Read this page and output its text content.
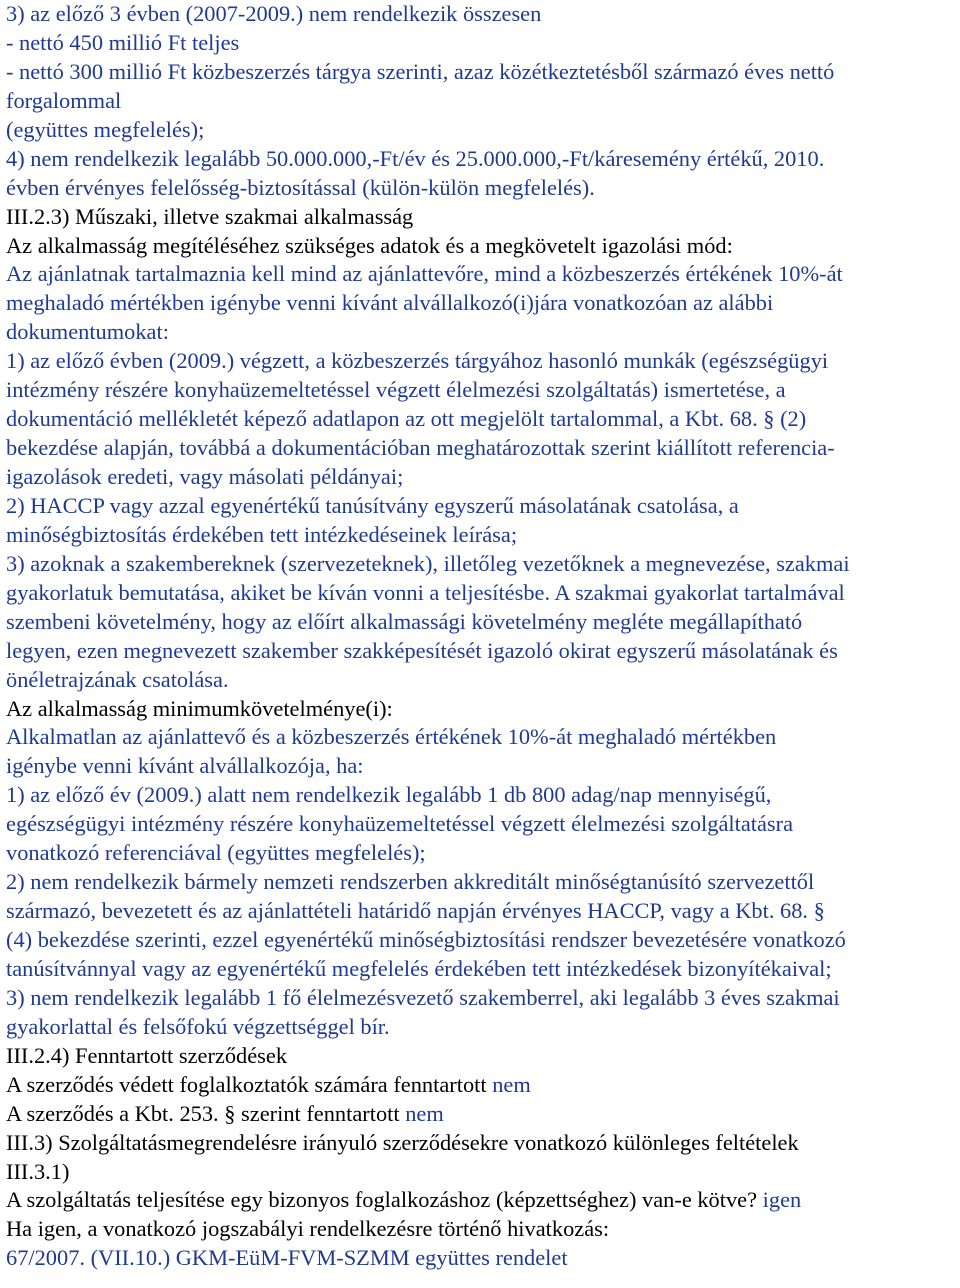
3) az előző 3 évben (2007-2009.) nem rendelkezik összesen
- nettó 450 millió Ft teljes
- nettó 300 millió Ft közbeszerzés tárgya szerinti, azaz közétkeztetésből származó éves nettó
forgalommal
(együttes megfelelés);
4) nem rendelkezik legalább 50.000.000,-Ft/év és 25.000.000,-Ft/káresemény értékű, 2010.
évben érvényes felelősség-biztosítással (külön-külön megfelelés).
III.2.3) Műszaki, illetve szakmai alkalmasság
Az alkalmasság megítéléséhez szükséges adatok és a megkövetelt igazolási mód:
Az ajánlatnak tartalmaznia kell mind az ajánlattevőre, mind a közbeszerzés értékének 10%-át
meghaladó mértékben igénybe venni kívánt alvállalkozó(i)jára vonatkozóan az alábbi
dokumentumokat:
1) az előző évben (2009.) végzett, a közbeszerzés tárgyához hasonló munkák (egészségügyi
intézmény részére konyhaüzemeltetéssel végzett élelmezési szolgáltatás) ismertetése, a
dokumentáció mellékletét képező adatlapon az ott megjelölt tartalommal, a Kbt. 68. § (2)
bekezdése alapján, továbbá a dokumentációban meghatározottak szerint kiállított referencia-
igazolások eredeti, vagy másolati példányai;
2) HACCP vagy azzal egyenértékű tanúsítvány egyszerű másolatának csatolása, a
minőségbiztosítás érdekében tett intézkedéseinek leírása;
3) azoknak a szakembereknek (szervezeteknek), illetőleg vezetőknek a megnevezése, szakmai
gyakorlatuk bemutatása, akiket be kíván vonni a teljesítésbe. A szakmai gyakorlat tartalmával
szembeni követelmény, hogy az előírt alkalmassági követelmény megléte megállapítható
legyen, ezen megnevezett szakember szakképesítését igazoló okirat egyszerű másolatának és
önéletrajzának csatolása.
Az alkalmasság minimumkövetelménye(i):
Alkalmatlan az ajánlattevő és a közbeszerzés értékének 10%-át meghaladó mértékben
igénybe venni kívánt alvállalkozója, ha:
1) az előző év (2009.) alatt nem rendelkezik legalább 1 db 800 adag/nap mennyiségű,
egészségügyi intézmény részére konyhaüzemeltetéssel végzett élelmezési szolgáltatásra
vonatkozó referenciával (együttes megfelelés);
2) nem rendelkezik bármely nemzeti rendszerben akkreditált minőségtanúsító szervezettől
származó, bevezetett és az ajánlattételi határidő napján érvényes HACCP, vagy a Kbt. 68. §
(4) bekezdése szerinti, ezzel egyenértékű minőségbiztosítási rendszer bevezetésére vonatkozó
tanúsítvánnyal vagy az egyenértékű megfelelés érdekében tett intézkedések bizonyítékaival;
3) nem rendelkezik legalább 1 fő élelmezésvezető szakemberrel, aki legalább 3 éves szakmai
gyakorlattal és felsőfokú végzettséggel bír.
III.2.4) Fenntartott szerződések
A szerződés védett foglalkoztatók számára fenntartott nem
A szerződés a Kbt. 253. § szerint fenntartott nem
III.3) Szolgáltatásmegrendelésre irányuló szerződésekre vonatkozó különleges feltételek
III.3.1)
A szolgáltatás teljesítése egy bizonyos foglalkozáshoz (képzettséghez) van-e kötve? igen
Ha igen, a vonatkozó jogszabályi rendelkezésre történő hivatkozás:
67/2007. (VII.10.) GKM-EüM-FVM-SZMM együttes rendelet
